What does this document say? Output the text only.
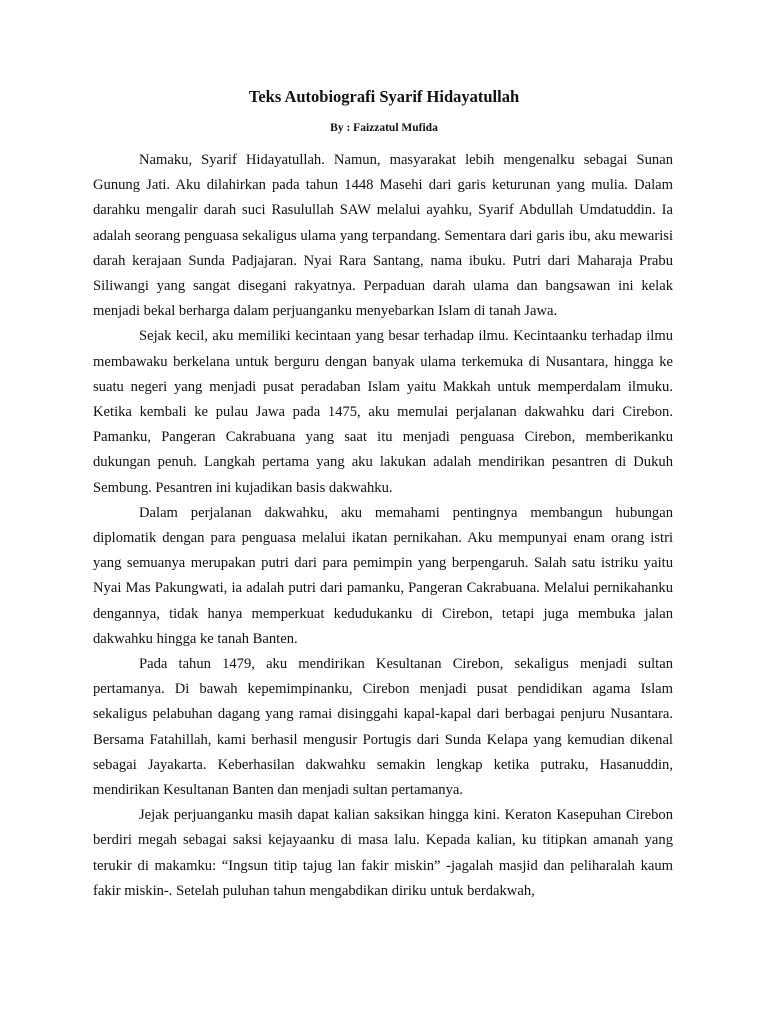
Teks Autobiografi Syarif Hidayatullah
By : Faizzatul Mufida

Namaku, Syarif Hidayatullah. Namun, masyarakat lebih mengenalku sebagai Sunan Gunung Jati. Aku dilahirkan pada tahun 1448 Masehi dari garis keturunan yang mulia. Dalam darahku mengalir darah suci Rasulullah SAW melalui ayahku, Syarif Abdullah Umdatuddin. Ia adalah seorang penguasa sekaligus ulama yang terpandang. Sementara dari garis ibu, aku mewarisi darah kerajaan Sunda Padjajaran. Nyai Rara Santang, nama ibuku. Putri dari Maharaja Prabu Siliwangi yang sangat disegani rakyatnya. Perpaduan darah ulama dan bangsawan ini kelak menjadi bekal berharga dalam perjuanganku menyebarkan Islam di tanah Jawa.

Sejak kecil, aku memiliki kecintaan yang besar terhadap ilmu. Kecintaanku terhadap ilmu membawaku berkelana untuk berguru dengan banyak ulama terkemuka di Nusantara, hingga ke suatu negeri yang menjadi pusat peradaban Islam yaitu Makkah untuk memperdalam ilmuku. Ketika kembali ke pulau Jawa pada 1475, aku memulai perjalanan dakwahku dari Cirebon. Pamanku, Pangeran Cakrabuana yang saat itu menjadi penguasa Cirebon, memberikanku dukungan penuh. Langkah pertama yang aku lakukan adalah mendirikan pesantren di Dukuh Sembung. Pesantren ini kujadikan basis dakwahku.

Dalam perjalanan dakwahku, aku memahami pentingnya membangun hubungan diplomatik dengan para penguasa melalui ikatan pernikahan. Aku mempunyai enam orang istri yang semuanya merupakan putri dari para pemimpin yang berpengaruh. Salah satu istriku yaitu Nyai Mas Pakungwati, ia adalah putri dari pamanku, Pangeran Cakrabuana. Melalui pernikahanku dengannya, tidak hanya memperkuat kedudukanku di Cirebon, tetapi juga membuka jalan dakwahku hingga ke tanah Banten.

Pada tahun 1479, aku mendirikan Kesultanan Cirebon, sekaligus menjadi sultan pertamanya. Di bawah kepemimpinanku, Cirebon menjadi pusat pendidikan agama Islam sekaligus pelabuhan dagang yang ramai disinggahi kapal-kapal dari berbagai penjuru Nusantara. Bersama Fatahillah, kami berhasil mengusir Portugis dari Sunda Kelapa yang kemudian dikenal sebagai Jayakarta. Keberhasilan dakwahku semakin lengkap ketika putraku, Hasanuddin, mendirikan Kesultanan Banten dan menjadi sultan pertamanya.

Jejak perjuanganku masih dapat kalian saksikan hingga kini. Keraton Kasepuhan Cirebon berdiri megah sebagai saksi kejayaanku di masa lalu. Kepada kalian, ku titipkan amanah yang terukir di makamku: “Ingsun titip tajug lan fakir miskin” -jagalah masjid dan peliharalah kaum fakir miskin-. Setelah puluhan tahun mengabdikan diriku untuk berdakwah,
